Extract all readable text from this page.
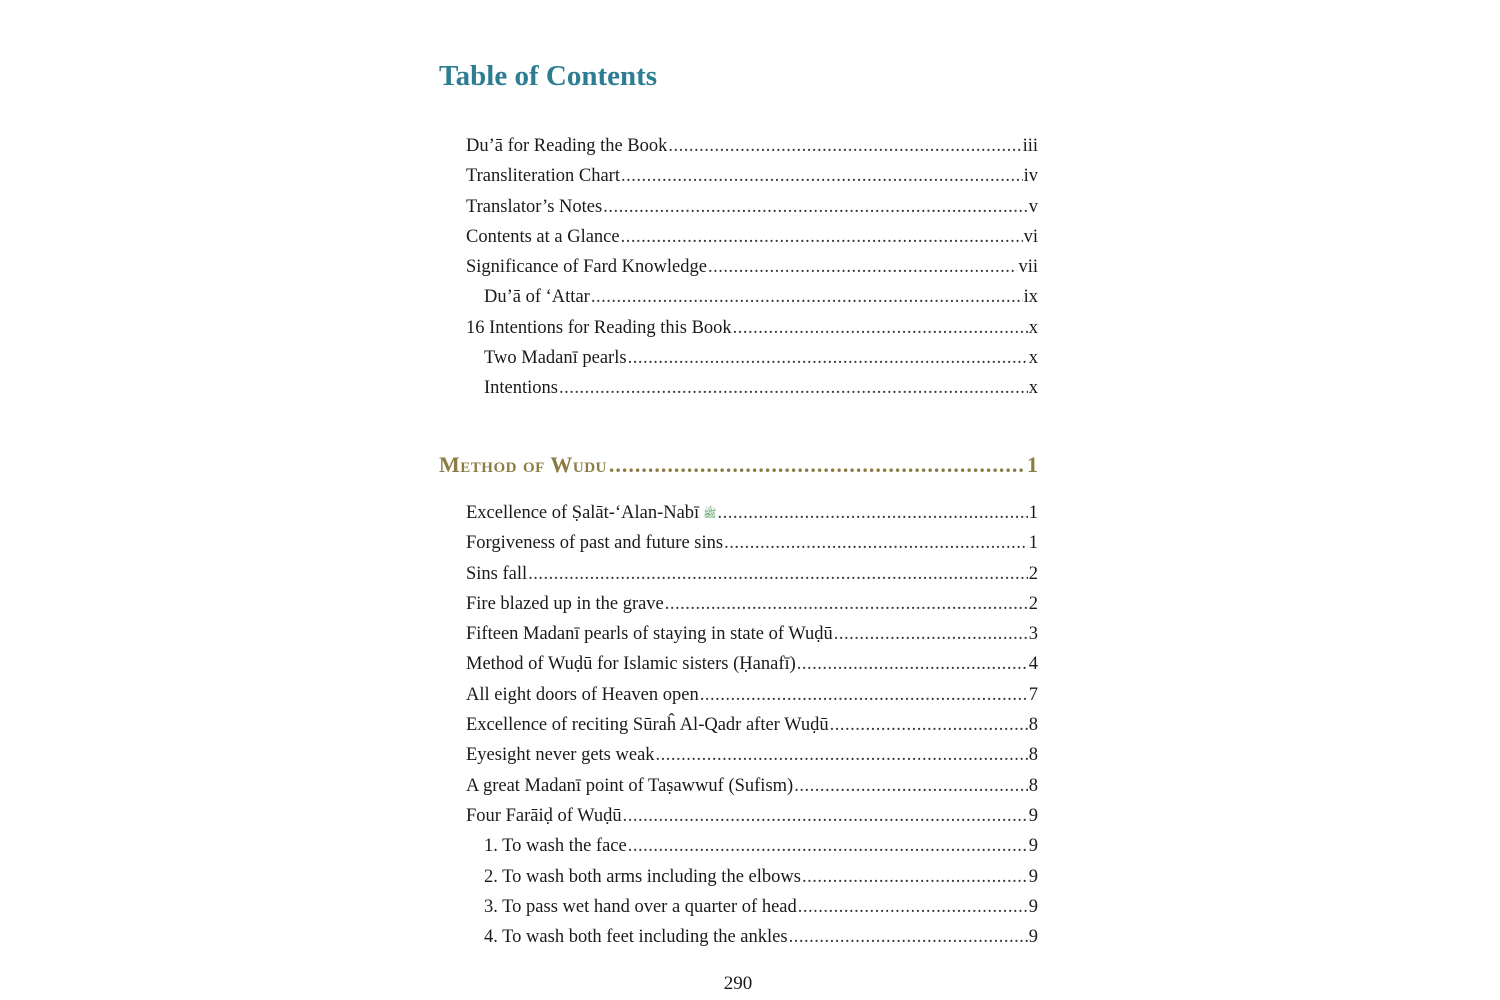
Table of Contents
Du’ā for Reading the Book .....	iii
Transliteration Chart .....	iv
Translator’s Notes .....	v
Contents at a Glance .....	vi
Significance of Fard Knowledge .....	vii
Du’ā of ‘Attar .....	ix
16 Intentions for Reading this Book .....	x
Two Madanī pearls .....	x
Intentions .....	x
Method of Wudu .....	1
Excellence of Ṣalāt-‘Alan-Nabī ﷺ .....	1
Forgiveness of past and future sins .....	1
Sins fall .....	2
Fire blazed up in the grave .....	2
Fifteen Madanī pearls of staying in state of Wuḍū .....	3
Method of Wuḍū for Islamic sisters (Ḥanafī) .....	4
All eight doors of Heaven open .....	7
Excellence of reciting Sūraĥ Al-Qadr after Wuḍū .....	8
Eyesight never gets weak .....	8
A great Madanī point of Taṣawwuf (Sufism) .....	8
Four Farāiḍ of Wuḍū .....	9
1. To wash the face .....	9
2. To wash both arms including the elbows .....	9
3. To pass wet hand over a quarter of head .....	9
4. To wash both feet including the ankles .....	9
290
